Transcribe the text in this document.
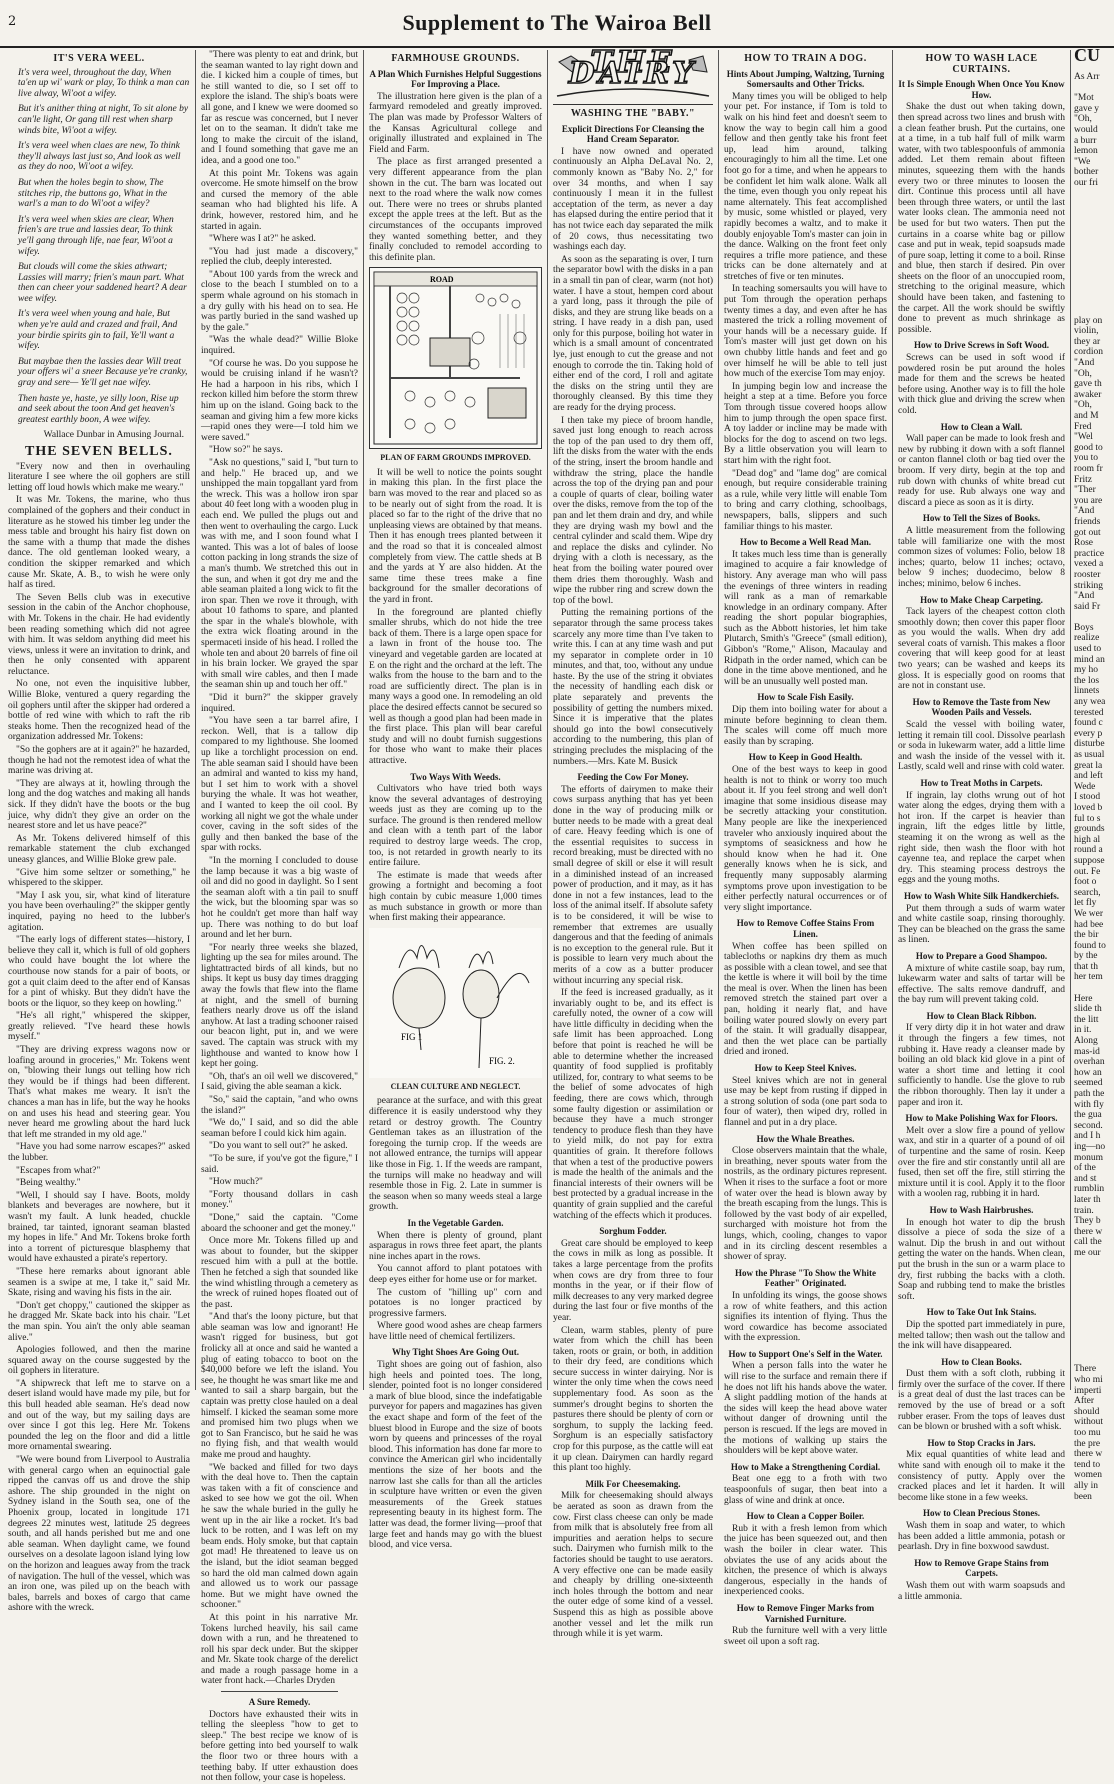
2	Supplement to The Wairoa Bell
IT'S VERA WEEL.

It's vera weel, throughout the day, When ta'en up wi' wark or play, To think a man can live alway, Wi'oot a wifey.

But it's anither thing at night, To sit alone by can'le light, Or gang till rest when sharp winds bite, Wi'oot a wifey.

It's vera weel when claes are new, To think they'll always last just so, And look as well as they do noo, Wi'oot a wifey.

But when the holes begin to show, The stitches rip, the buttons go, What in the warl's a man to do Wi'oot a wifey?

It's vera weel when skies are clear, When frien's are true and lassies dear, To think ye'll gang through life, nae fear, Wi'oot a wifey.

But clouds will come the skies athwart; Lassies will marry; frien's maun part. What then can cheer your saddened heart? A dear wee wifey.

It's vera weel when young and hale, But when ye're auld and crazed and frail, And your birdie spirits gin to fail, Ye'll want a wifey.

But maybae then the lassies dear Will treat your offers wi' a sneer Because ye're cranky, gray and sere— Ye'll get nae wifey.

Then haste ye, haste, ye silly loon, Rise up and seek about the toon And get heaven's greatest earthly boon, A wee wifey.

Wallace Dunbar in Amusing Journal.

THE SEVEN BELLS.

"Every now and then in overhauling literature I see where the oil gophers are still letting off loud howls which make me weary."

It was Mr. Tokens, the marine, who thus complained of the gophers and their conduct in literature as he stowed his timber leg under the mess table and brought his hairy fist down on the same with a thump that made the dishes dance. The old gentleman looked weary, a condition the skipper remarked and which cause Mr. Skate, A. B., to wish he were only half as tired.

The Seven Bells club was in executive session in the cabin of the Anchor chophouse, with Mr. Tokens in the chair. He had evidently been reading something which did not agree with him. It was seldom anything did meet his views, unless it were an invitation to drink, and then he only consented with apparent reluctance.

No one, not even the inquisitive lubber, Willie Bloke, ventured a query regarding the oil gophers until after the skipper had ordered a bottle of red wine with which to raft the rib steaks home. Then the recognized head of the organization addressed Mr. Tokens:

"So the gophers are at it again?" he hazarded, though he had not the remotest idea of what the marine was driving at.

"They are always at it, howling through the long and the dog watches and making all hands sick. If they didn't have the boots or the bug juice, why didn't they give an order on the nearest store and let us have peace?"

As Mr. Tokens delivered himself of this remarkable statement the club exchanged uneasy glances, and Willie Bloke grew pale.

"Give him some seltzer or something," he whispered to the skipper.

"May I ask you, sir, what kind of literature you have been overhauling?" the skipper gently inquired, paying no heed to the lubber's agitation.

"The early logs of different states—history, I believe they call it, which is full of old gophers who could have bought the lot where the courthouse now stands for a pair of boots, or got a quit claim deed to the after end of Kansas for a pint of whisky. But they didn't have the boots or the liquor, so they keep on howling."

"He's all right," whispered the skipper, greatly relieved. "I've heard these howls myself."

"They are driving express wagons now or loafing around in groceries," Mr. Tokens went on, "blowing their lungs out telling how rich they would be if things had been different. That's what makes me weary. It isn't the chances a man has in life, but the way he hooks on and uses his head and steering gear. You never heard me growling about the hard luck that left me stranded in my old age."

"Have you had some narrow escapes?" asked the lubber.

"Escapes from what?"

"Being wealthy."

"Well, I should say I have. Boots, moldy blankets and beverages are nowhere, but it wasn't my fault. A lunk headed, chuckle brained, tar tainted, ignorant seaman blasted my hopes in life." And Mr. Tokens broke forth into a torrent of picturesque blasphemy that would have exhausted a pirate's repertory.

"These here remarks about ignorant able seamen is a swipe at me, I take it," said Mr. Skate, rising and waving his fists in the air.

"Don't get choppy," cautioned the skipper as he dragged Mr. Skate back into his chair. "Let the man spin. You ain't the only able seaman alive."

Apologies followed, and then the marine squared away on the course suggested by the oil gophers in literature.

"A shipwreck that left me to starve on a desert island would have made my pile, but for this bull headed able seaman. He's dead now and out of the way, but my sailing days are over since I got this leg. Here Mr. Tokens pounded the leg on the floor and did a little more ornamental swearing.

"We were bound from Liverpool to Australia with general cargo when an equinoctial gale ripped the canvas off us and drove the ship ashore. The ship grounded in the night on Sydney island in the South sea, one of the Phoenix group, located in longitude 171 degrees 22 minutes west, latitude 25 degrees south, and all hands perished but me and one able seaman. When daylight came, we found ourselves on a desolate lagoon island lying low on the horizon and leagues away from the track of navigation. The hull of the vessel, which was an iron one, was piled up on the beach with bales, barrels and boxes of cargo that came ashore with the wreck.

"There was plenty to eat and drink, but the seaman wanted to lay right down and die. I kicked him a couple of times, but he still wanted to die, so I set off to explore the island. The ship's boats were all gone, and I knew we were doomed so far as rescue was concerned, but I never let on to the seaman. It didn't take me long to make the circuit of the island, and I found something that gave me an idea, and a good one too."

At this point Mr. Tokens was again overcome. He smote himself on the brow and cursed the memory of the able seaman who had blighted his life. A drink, however, restored him, and he started in again.

"Where was I at?" he asked.

"You had just made a discovery," replied the club, deeply interested.

"About 100 yards from the wreck and close to the beach I stumbled on to a sperm whale aground on his stomach in a dry gully with his head on to sea. He was partly buried in the sand washed up by the gale."

"Was the whale dead?" Willie Bloke inquired.

"Of course he was. Do you suppose he would be cruising inland if he wasn't? He had a harpoon in his ribs, which I reckon killed him before the storm threw him up on the island. Going back to the seaman and giving him a few more kicks—rapid ones they were—I told him we were saved."

"How so?" he says.

"Ask no questions," said I, "but turn to and help." He braced up, and we unshipped the main topgallant yard from the wreck. This was a hollow iron spar about 40 feet long with a wooden plug in each end. We pulled the plugs out and then went to overhauling the cargo. Luck was with me, and I soon found what I wanted. This was a lot of bales of loose cotton packing in long strands the size of a man's thumb. We stretched this out in the sun, and when it got dry me and the able seaman plaited a long wick to fit the iron spar. Then we rove it through, with about 10 fathoms to spare, and planted the spar in the whale's blowhole, with the extra wick floating around in the spermaceti inside of his head. I rolled the whole ten and about 20 barrels of fine oil in his brain locker. We grayed the spar with small wire cables, and then I made the seaman shin up and touch her off."

"Did it burn?" the skipper gravely inquired.

"You have seen a tar barrel afire, I reckon. Well, that is a tallow dip compared to my lighthouse. She loomed up like a torchlight procession on end. The able seaman said I should have been an admiral and wanted to kiss my hand, but I set him to work with a shovel burying the whale. It was hot weather, and I wanted to keep the oil cool. By working all night we got the whale under cover, caving in the soft sides of the gully and then banked the base of the spar with rocks.

"In the morning I concluded to douse the lamp because it was a big waste of oil and did no good in daylight. So I sent the seaman aloft with a tin pail to snuff the wick, but the blooming spar was so hot he couldn't get more than half way up. There was nothing to do but loaf around and let her burn.

"For nearly three weeks she blazed, lighting up the sea for miles around. The lightattracted birds of all kinds, but no ships. It kept us busy day times dragging away the fowls that flew into the flame at night, and the smell of burning feathers nearly drove us off the island anyhow. At last a trading schooner raised our beacon light, put in, and we were saved. The captain was struck with my lighthouse and wanted to know how I kept her going.

"Oh, that's an oil well we discovered," I said, giving the able seaman a kick.

"So," said the captain, "and who owns the island?"

"We do," I said, and so did the able seaman before I could kick him again.

"Do you want to sell out?" he asked.

"To be sure, if you've got the figure," I said.

"How much?"

"Forty thousand dollars in cash money."

"Done," said the captain. "Come aboard the schooner and get the money."

Once more Mr. Tokens filled up and was about to founder, but the skipper rescued him with a pull at the bottle. Then he fetched a sigh that sounded like the wind whistling through a cemetery as the wreck of ruined hopes floated out of the past.

"And that's the loony picture, but that able seaman was low and ignorant! He wasn't rigged for business, but got frolicky all at once and said he wanted a plug of eating tobacco to boot on the $40,000 before we left the island. You see, he thought he was smart like me and wanted to sail a sharp bargain, but the captain was pretty close hauled on a deal himself. I kicked the seaman some more and promised him two plugs when we got to San Francisco, but he said he was no flying fish, and that wealth would make me proud and haughty.

"We backed and filled for two days with the deal hove to. Then the captain was taken with a fit of conscience and asked to see how we got the oil. When he saw the whale buried in the gully he went up in the air like a rocket. It's bad luck to be rotten, and I was left on my beam ends. Holy smoke, but that captain got mad! He threatened to leave us on the island, but the idiot seaman begged so hard the old man calmed down again and allowed us to work our passage home. But we might have owned the schooner."

At this point in his narrative Mr. Tokens lurched heavily, his sail came down with a run, and he threatened to roll his spar deck under. But the skipper and Mr. Skate took charge of the derelict and made a rough passage home in a water front hack.—Charles Dryden

A Sure Remedy.

Doctors have exhausted their wits in telling the sleepless "how to get to sleep." The best recipe we know of is before getting into bed yourself to walk the floor two or three hours with a teething baby. If utter exhaustion does not then follow, your case is hopeless.

FARMHOUSE GROUNDS.
A Plan Which Furnishes Helpful Suggestions For Improving a Place.

The illustration here given is the plan of a farmyard remodeled and greatly improved. The plan was made by Professor Walters of the Kansas Agricultural college and originally illustrated and explained in The Field and Farm.

The place as first arranged presented a very different appearance from the plan shown in the cut. The barn was located out next to the road where the walk now comes out. There were no trees or shrubs planted except the apple trees at the left. But as the circumstances of the occupants improved they wanted something better, and they finally concluded to remodel according to this definite plan.

ROAD
PLAN OF FARM GROUNDS IMPROVED.

It will be well to notice the points sought in making this plan. In the first place the barn was moved to the rear and placed so as to be nearly out of sight from the road. It is placed so far to the right of the drive that no unpleasing views are obtained by that means. Then it has enough trees planted between it and the road so that it is concealed almost completely from view. The cattle sheds at B and the yards at Y are also hidden. At the same time these trees make a fine background for the smaller decorations of the yard in front.

In the foreground are planted chiefly smaller shrubs, which do not hide the tree back of them. There is a large open space for a lawn in front of the house too. The vineyard and vegetable garden are located at E on the right and the orchard at the left. The walks from the house to the barn and to the road are sufficiently direct. The plan is in many ways a good one. In remodeling an old place the desired effects cannot be secured so well as though a good plan had been made in the first place. This plan will bear careful study and will no doubt furnish suggestions for those who want to make their places attractive.

Two Ways With Weeds.

Cultivators who have tried both ways know the several advantages of destroying weeds just as they are coming up to the surface. The ground is then rendered mellow and clean with a tenth part of the labor required to destroy large weeds. The crop, too, is not retarded in growth nearly to its entire failure.

The estimate is made that weeds after growing a fortnight and becoming a foot high contain by cubic measure 1,000 times as much substance in growth or more than when first making their appearance.

FIG 1
FIG. 2.
CLEAN CULTURE AND NEGLECT.

pearance at the surface, and with this great difference it is easily understood why they retard or destroy growth. The Country Gentleman takes as an illustration of the foregoing the turnip crop. If the weeds are not allowed entrance, the turnips will appear like those in Fig. 1. If the weeds are rampant, the turnips will make no headway and will resemble those in Fig. 2. Late in summer is the season when so many weeds steal a large growth.

In the Vegetable Garden.

When there is plenty of ground, plant asparagus in rows three feet apart, the plants nine inches apart in the rows.

You cannot afford to plant potatoes with deep eyes either for home use or for market.

The custom of "hilling up" corn and potatoes is no longer practiced by progressive farmers.

Where good wood ashes are cheap farmers have little need of chemical fertilizers.

Why Tight Shoes Are Going Out.

Tight shoes are going out of fashion, also high heels and pointed toes. The long, slender, pointed foot is no longer considered a mark of blue blood, since the indefatigable purveyor for papers and magazines has given the exact shape and form of the feet of the bluest blood in Europe and the size of boots worn by queens and princesses of the royal blood. This information has done far more to convince the American girl who incidentally mentions the size of her boots and the narrow last she calls for than all the articles in sculpture have written or even the given measurements of the Greek statues representing beauty in its highest form. The latter was dead, the former living—proof that large feet and hands may go with the bluest blood, and vice versa.

THE DAIRY
WASHING THE "BABY."
Explicit Directions For Cleansing the Hand Cream Separator.

I have now owned and operated continuously an Alpha DeLaval No. 2, commonly known as "Baby No. 2," for over 34 months, and when I say continuously I mean it in the fullest acceptation of the term, as never a day has elapsed during the entire period that it has not twice each day separated the milk of 20 cows, thus necessitating two washings each day.

As soon as the separating is over, I turn the separator bowl with the disks in a pan in a small tin pan of clear, warm (not hot) water. I have a stout, hempen cord about a yard long, pass it through the pile of disks, and they are strung like beads on a string. I have ready in a dish pan, used only for this purpose, boiling hot water in which is a small amount of concentrated lye, just enough to cut the grease and not enough to corrode the tin. Taking hold of either end of the cord, I roll and agitate the disks on the string until they are thoroughly cleansed. By this time they are ready for the drying process.

I then take my piece of broom handle, saved just long enough to reach across the top of the pan used to dry them off, lift the disks from the water with the ends of the string, insert the broom handle and withdraw the string, place the handle across the top of the drying pan and pour a couple of quarts of clear, boiling water over the disks, remove from the top of the pan and let them drain and dry, and while they are drying wash my bowl and the central cylinder and scald them. Wipe dry and replace the disks and cylinder. No drying with a cloth is necessary, as the heat from the boiling water poured over them dries them thoroughly. Wash and wipe the rubber ring and screw down the top of the bowl.

Putting the remaining portions of the separator through the same process takes scarcely any more time than I've taken to write this. I can at any time wash and put my separator in complete order in 10 minutes, and that, too, without any undue haste. By the use of the string it obviates the necessity of handling each disk or plate separately and prevents the possibility of getting the numbers mixed. Since it is imperative that the plates should go into the bowl consecutively according to the numbering, this plan of stringing precludes the misplacing of the numbers.—Mrs. Kate M. Busick

Feeding the Cow For Money.

The efforts of dairymen to make their cows surpass anything that has yet been done in the way of producing milk or butter needs to be made with a great deal of care. Heavy feeding which is one of the essential requisites to success in record breaking, must be directed with no small degree of skill or else it will result in a diminished instead of an increased power of production, and it may, as it has done in not a few instances, lead to the loss of the animal itself. If absolute safety is to be considered, it will be wise to remember that extremes are usually dangerous and that the feeding of animals is no exception to the general rule. But it is possible to learn very much about the merits of a cow as a butter producer without incurring any special risk.

If the feed is increased gradually, as it invariably ought to be, and its effect is carefully noted, the owner of a cow will have little difficulty in deciding when the safe limit has been approached. Long before that point is reached he will be able to determine whether the increased quantity of food supplied is profitably utilized, for, contrary to what seems to be the belief of some advocates of high feeding, there are cows which, through some faulty digestion or assimilation or because they have a much stronger tendency to produce flesh than they have to yield milk, do not pay for extra quantities of grain. It therefore follows that when a test of the productive powers is made the health of the animals and the financial interests of their owners will be best protected by a gradual increase in the quantity of grain supplied and the careful watching of the effects which it produces.

Sorghum Fodder.

Great care should be employed to keep the cows in milk as long as possible. It takes a large percentage from the profits when cows are dry from three to four months in the year, or if their flow of milk decreases to any very marked degree during the last four or five months of the year.

Clean, warm stables, plenty of pure water from which the chill has been taken, roots or grain, or both, in addition to their dry feed, are conditions which secure success in winter dairying. Nor is winter the only time when the cows need supplementary food. As soon as the summer's drought begins to shorten the pastures there should be plenty of corn or sorghum, to supply the lacking feed. Sorghum is an especially satisfactory crop for this purpose, as the cattle will eat it up clean. Dairymen can hardly regard this plant too highly.

Milk For Cheesemaking.

Milk for cheesemaking should always be aerated as soon as drawn from the cow. First class cheese can only be made from milk that is absolutely free from all impurities and aeration helps to secure such. Dairymen who furnish milk to the factories should be taught to use aerators. A very effective one can be made easily and cheaply by drilling one-sixteenth inch holes through the bottom and near the outer edge of some kind of a vessel. Suspend this as high as possible above another vessel and let the milk run through while it is yet warm.

HOW TO TRAIN A DOG.
Hints About Jumping, Waltzing, Turning Somersaults and Other Tricks.

Many times you will be obliged to help your pet. For instance, if Tom is told to walk on his hind feet and doesn't seem to know the way to begin call him a good fellow and then gently take his front feet up, lead him around, talking encouragingly to him all the time. Let one foot go for a time, and when he appears to be confident let him walk alone. Walk all the time, even though you only repeat his name alternately. This feat accomplished by music, some whistled or played, very rapidly becomes a waltz, and to make it doubly enjoyable Tom's master can join in the dance. Walking on the front feet only requires a trifle more patience, and these tricks can be done alternately and at stretches of five or ten minutes.

In teaching somersaults you will have to put Tom through the operation perhaps twenty times a day, and even after he has mastered the trick a rolling movement of your hands will be a necessary guide. If Tom's master will just get down on his own chubby little hands and feet and go over himself he will be able to tell just how much of the exercise Tom may enjoy.

In jumping begin low and increase the height a step at a time. Before you force Tom through tissue covered hoops allow him to jump through the open space first. A toy ladder or incline may be made with blocks for the dog to ascend on two legs. By a little observation you will learn to start him with the right foot.

"Dead dog" and "lame dog" are comical enough, but require considerable training as a rule, while very little will enable Tom to bring and carry clothing, schoolbags, newspapers, balls, slippers and such familiar things to his master.

How to Become a Well Read Man.

It takes much less time than is generally imagined to acquire a fair knowledge of history. Any average man who will pass the evenings of three winters in reading will rank as a man of remarkable knowledge in an ordinary company. After reading the short popular biographies, such as the Abbott histories, let him take Plutarch, Smith's "Greece" (small edition), Gibbon's "Rome," Alison, Macaulay and Ridpath in the order named, which can be done in the time above mentioned, and he will be an unusually well posted man.

How to Scale Fish Easily.

Dip them into boiling water for about a minute before beginning to clean them. The scales will come off much more easily than by scraping.

How to Keep in Good Health.

One of the best ways to keep in good health is not to think or worry too much about it. If you feel strong and well don't imagine that some insidious disease may be secretly attacking your constitution. Many people are like the inexperienced traveler who anxiously inquired about the symptoms of seasickness and how he should know when he had it. One generally knows when he is sick, and frequently many supposably alarming symptoms prove upon investigation to be either perfectly natural occurrences or of very slight importance.

How to Remove Coffee Stains From Linen.

When coffee has been spilled on tablecloths or napkins dry them as much as possible with a clean towel, and see that the kettle is where it will boil by the time the meal is over. When the linen has been removed stretch the stained part over a pan, holding it nearly flat, and have boiling water poured slowly on every part of the stain. It will gradually disappear, and then the wet place can be partially dried and ironed.

How to Keep Steel Knives.

Steel knives which are not in general use may be kept from rusting if dipped in a strong solution of soda (one part soda to four of water), then wiped dry, rolled in flannel and put in a dry place.

How the Whale Breathes.

Close observers maintain that the whale, in breathing, never spouts water from the nostrils, as the ordinary pictures represent. When it rises to the surface a foot or more of water over the head is blown away by the breath escaping from the lungs. This is followed by the vast body of air expelled, surcharged with moisture hot from the lungs, which, cooling, changes to vapor and in its circling descent resembles a shower of spray.

How the Phrase "To Show the White Feather" Originated.

In unfolding its wings, the goose shows a row of white feathers, and this action signifies its intention of flying. Thus the word cowardice has become associated with the expression.

How to Support One's Self in the Water.

When a person falls into the water he will rise to the surface and remain there if he does not lift his hands above the water. A slight paddling motion of the hands at the sides will keep the head above water without danger of drowning until the person is rescued. If the legs are moved in the motions of walking up stairs the shoulders will be kept above water.

How to Make a Strengthening Cordial.

Beat one egg to a froth with two teaspoonfuls of sugar, then beat into a glass of wine and drink at once.

How to Clean a Copper Boiler.

Rub it with a fresh lemon from which the juice has been squeezed out, and then wash the boiler in clear water. This obviates the use of any acids about the kitchen, the presence of which is always dangerous, especially in the hands of inexperienced cooks.

How to Remove Finger Marks from Varnished Furniture.

Rub the furniture well with a very little sweet oil upon a soft rag.

HOW TO WASH LACE CURTAINS.
It Is Simple Enough When Once You Know How.

Shake the dust out when taking down, then spread across two lines and brush with a clean feather brush. Put the curtains, one at a time, in a tub half full of milk warm water, with two tablespoonfuls of ammonia added. Let them remain about fifteen minutes, squeezing them with the hands every two or three minutes to loosen the dirt. Continue this process until all have been through three waters, or until the last water looks clean. The ammonia need not be used for but two waters. Then put the curtains in a coarse white bag or pillow case and put in weak, tepid soapsuds made of pure soap, letting it come to a boil. Rinse and blue, then starch if desired. Pin over sheets on the floor of an unoccupied room, stretching to the original measure, which should have been taken, and fastening to the carpet. All the work should be swiftly done to prevent as much shrinkage as possible.

How to Drive Screws in Soft Wood.

Screws can be used in soft wood if powdered rosin be put around the holes made for them and the screws be heated before using. Another way is to fill the hole with thick glue and driving the screw when cold.

How to Clean a Wall.

Wall paper can be made to look fresh and new by rubbing it down with a soft flannel or canton flannel cloth or bag tied over the broom. If very dirty, begin at the top and rub down with chunks of white bread cut ready for use. Rub always one way and discard a piece as soon as it is dirty.

How to Tell the Sizes of Books.

A little measurement from the following table will familiarize one with the most common sizes of volumes: Folio, below 18 inches; quarto, below 11 inches; octavo, below 9 inches; duodecimo, below 8 inches; minimo, below 6 inches.

How to Make Cheap Carpeting.

Tack layers of the cheapest cotton cloth smoothly down; then cover this paper floor as you would the walls. When dry add several coats of varnish. This makes a floor covering that will keep good for at least two years; can be washed and keeps its gloss. It is especially good on rooms that are not in constant use.

How to Remove the Taste from New Wooden Pails and Vessels.

Scald the vessel with boiling water, letting it remain till cool. Dissolve pearlash or soda in lukewarm water, add a little lime and wash the inside of the vessel with it. Lastly, scald well and rinse with cold water.

How to Treat Moths in Carpets.

If ingrain, lay cloths wrung out of hot water along the edges, drying them with a hot iron. If the carpet is heavier than ingrain, lift the edges little by little, steaming it on the wrong as well as the right side, then wash the floor with hot cayenne tea, and replace the carpet when dry. This steaming process destroys the eggs and the young moths.

How to Wash White Silk Handkerchiefs.

Put them through a suds of warm water and white castile soap, rinsing thoroughly. They can be bleached on the grass the same as linen.

How to Prepare a Good Shampoo.

A mixture of white castile soap, bay rum, lukewarm water and salts of tartar will be effective. The salts remove dandruff, and the bay rum will prevent taking cold.

How to Clean Black Ribbon.

If very dirty dip it in hot water and draw it through the fingers a few times, not rubbing it. Have ready a cleanser made by boiling an old black kid glove in a pint of water a short time and letting it cool sufficiently to handle. Use the glove to rub the ribbon thoroughly. Then lay it under a paper and iron it.

How to Make Polishing Wax for Floors.

Melt over a slow fire a pound of yellow wax, and stir in a quarter of a pound of oil of turpentine and the same of rosin. Keep over the fire and stir constantly until all are fused, then set off the fire, still stirring the mixture until it is cool. Apply it to the floor with a woolen rag, rubbing it in hard.

How to Wash Hairbrushes.

In enough hot water to dip the brush dissolve a piece of soda the size of a walnut. Dip the brush in and out without getting the water on the hands. When clean, put the brush in the sun or a warm place to dry, first rubbing the backs with a cloth. Soap and rubbing tend to make the bristles soft.

How to Take Out Ink Stains.

Dip the spotted part immediately in pure, melted tallow; then wash out the tallow and the ink will have disappeared.

How to Clean Books.

Dust them with a soft cloth, rubbing it firmly over the surface of the cover. If there is a great deal of dust the last traces can be removed by the use of bread or a soft rubber eraser. From the tops of leaves dust can be blown or brushed with a soft whisk.

How to Stop Cracks in Jars.

Mix equal quantities of white lead and white sand with enough oil to make it the consistency of putty. Apply over the cracked places and let it harden. It will become like stone in a few weeks.

How to Clean Precious Stones.

Wash them in soap and water, to which has been added a little ammonia, potash or pearlash. Dry in fine boxwood sawdust.

How to Remove Grape Stains from Carpets.

Wash them out with warm soapsuds and a little ammonia.

CU
As Arr
"Mot
gave y
"Oh,
would
a burr
lemon
"We
bother
our fri
play on
violin,
they ar
cordion
"And
"Oh,
gave th
awaker
"Oh,
and M
Fred
"Wel
good to
you to
room fr
Fritz
"Ther
you are
"And
friends
got out
Rose
practice
vexed a
rooster
striking
"And
said Fr
Boys
realize
used to
mind an
my ho
the los
linnets
any wea
terested
found c
every p
disturbe
as usual
great la
and left
Wede
I stood
loved b
ful to s
grounds
high al
round a
suppose
out. Fe
foot o
search,
let fly
We wer
had bee
the bir
found to
by the
that th
her tem
Here
slide th
the litt
in it.
Along
mas-id
overhan
how an
seemed
path the
with fly
the gua
second.
and I h
ing—no
monum
of the
and st
rumblin
later th
train.
They b
there w
call the
me our
There
who mi
imperti
After
should
without
too mu
the pre
there w
tend to
women
ally in
been
